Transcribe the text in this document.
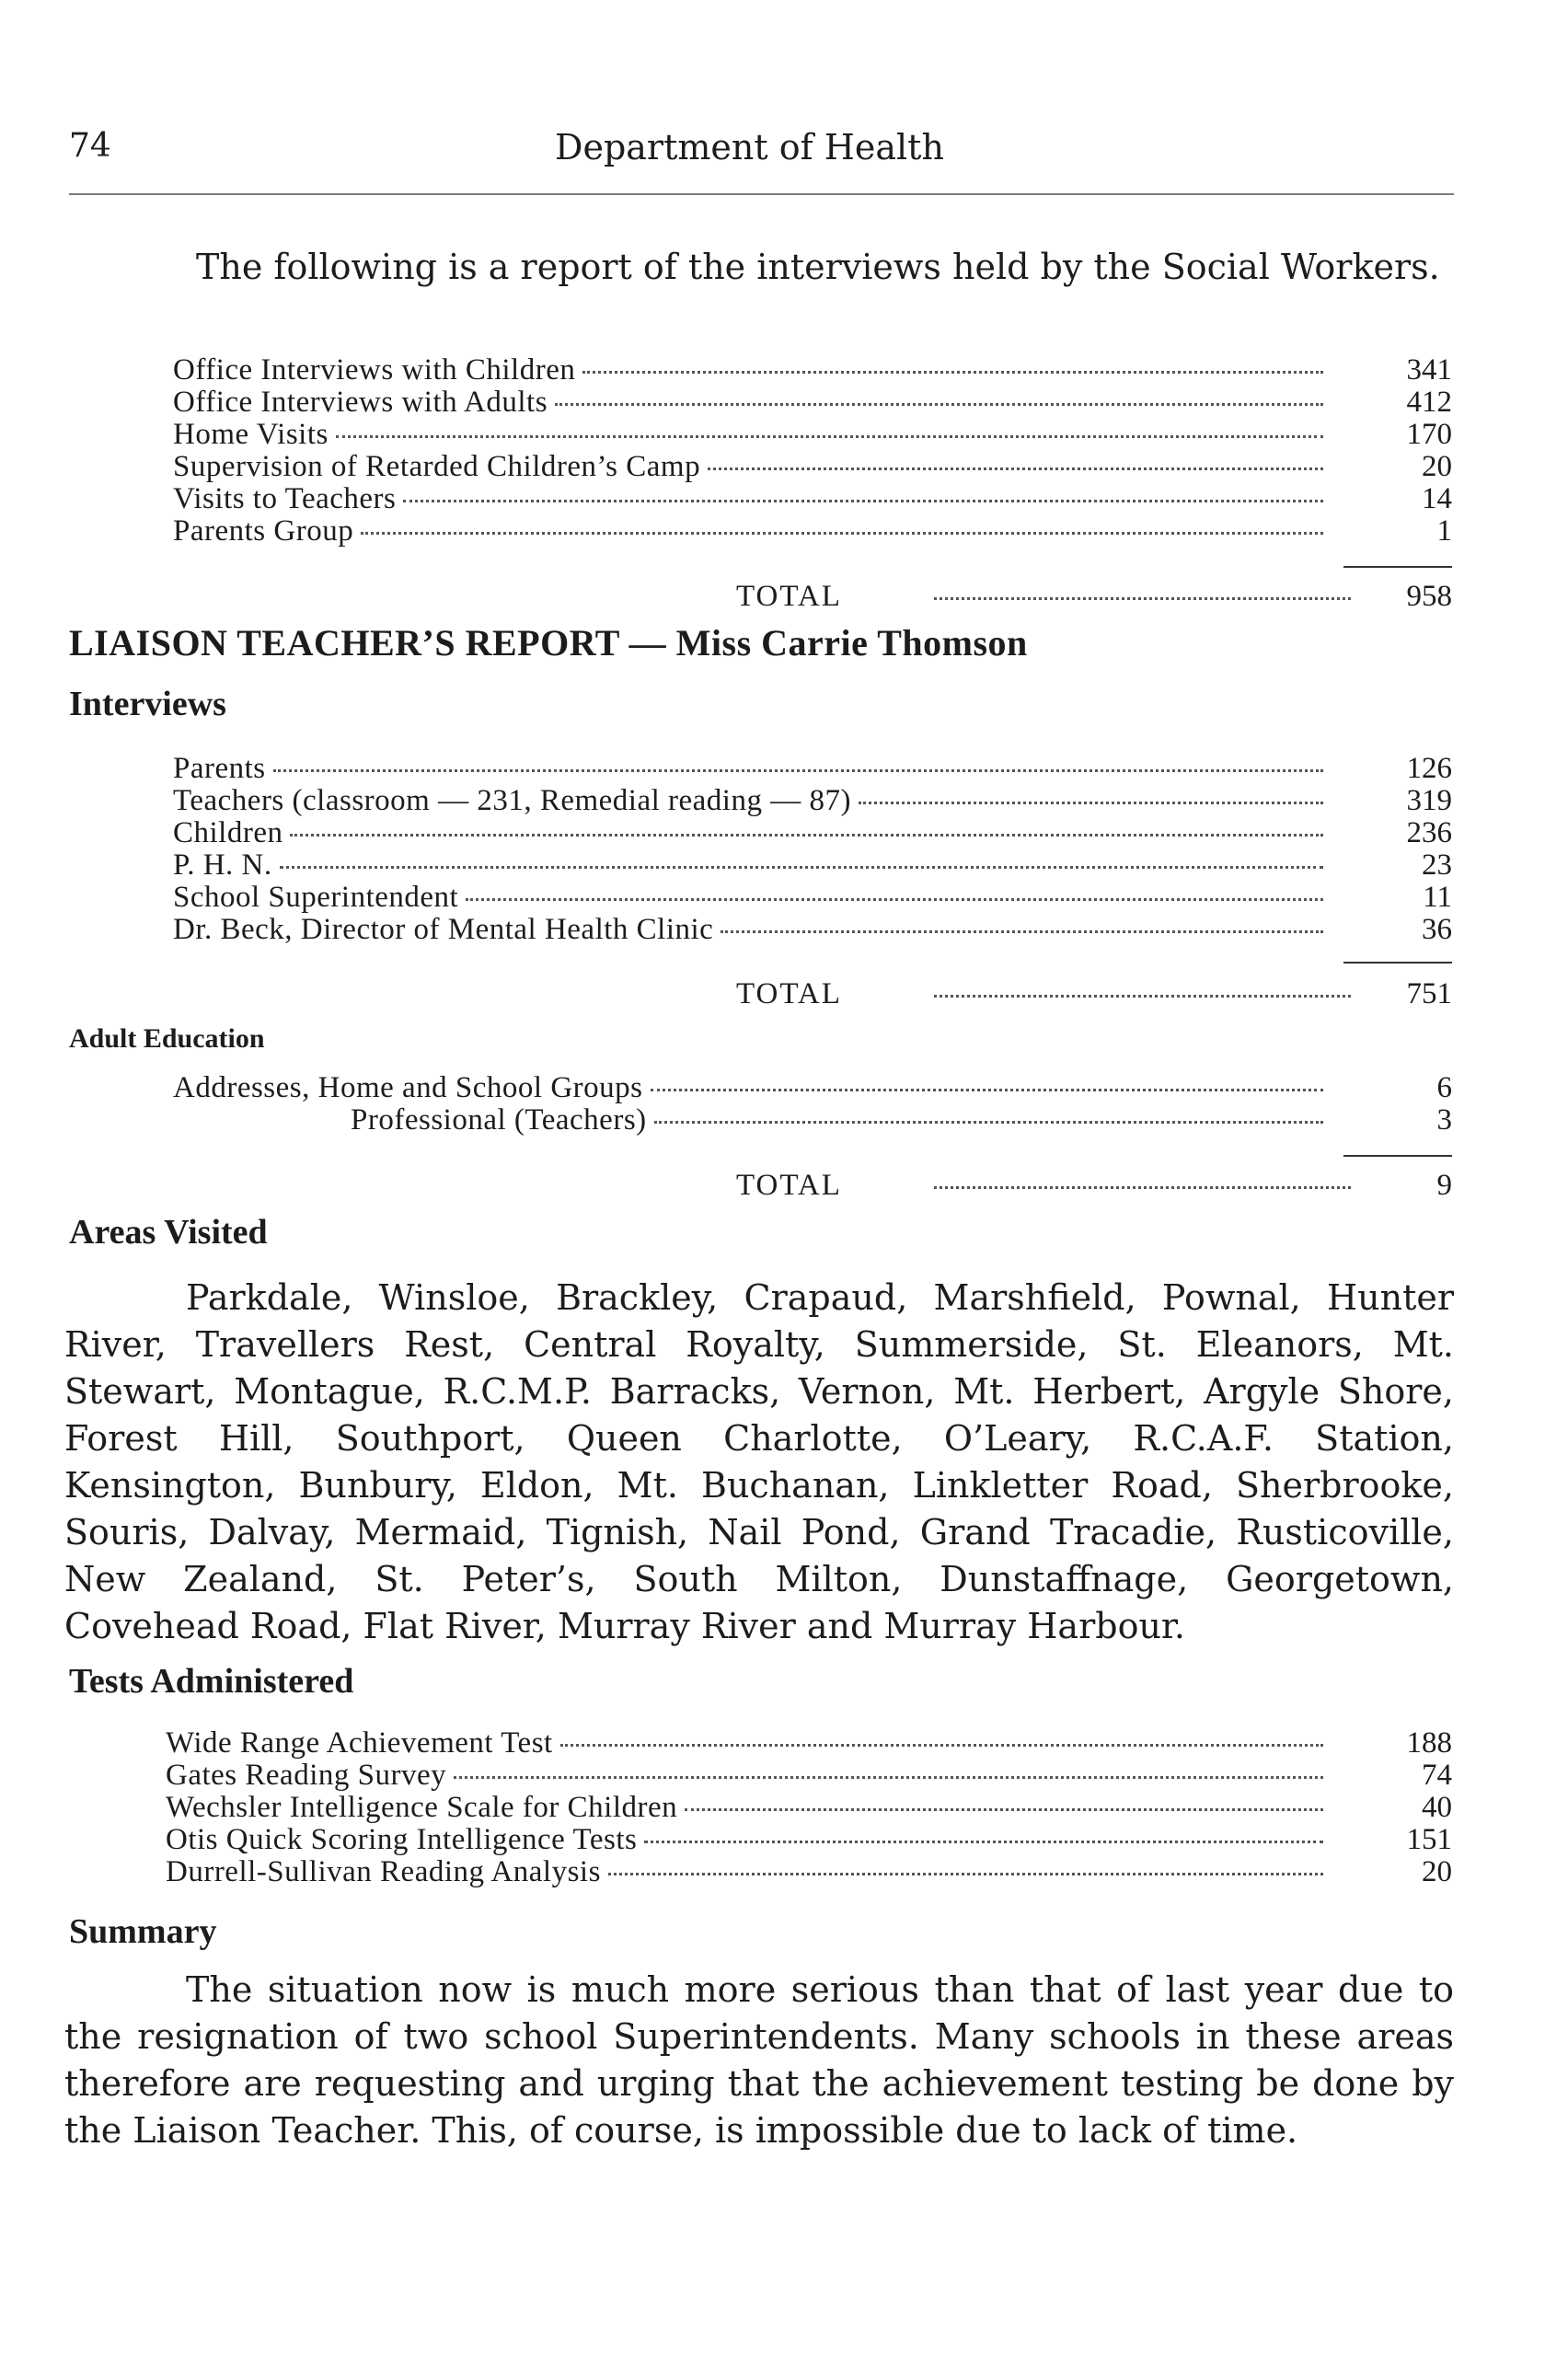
74	Department of Health
The following is a report of the interviews held by the Social Workers.
Office Interviews with Children	341
Office Interviews with Adults	412
Home Visits	170
Supervision of Retarded Children’s Camp	20
Visits to Teachers	14
Parents Group	1
TOTAL	958
LIAISON TEACHER’S REPORT — Miss Carrie Thomson
Interviews
Parents	126
Teachers (classroom — 231, Remedial reading — 87)	319
Children	236
P. H. N.	23
School Superintendent	11
Dr. Beck, Director of Mental Health Clinic	36
TOTAL	751
Adult Education
Addresses, Home and School Groups	6
Professional (Teachers)	3
TOTAL	9
Areas Visited
Parkdale, Winsloe, Brackley, Crapaud, Marshfield, Pownal, Hunter River, Travellers Rest, Central Royalty, Summerside, St. Eleanors, Mt. Stewart, Montague, R.C.M.P. Barracks, Vernon, Mt. Herbert, Argyle Shore, Forest Hill, Southport, Queen Charlotte, O’Leary, R.C.A.F. Station, Kensington, Bunbury, Eldon, Mt. Buchanan, Linkletter Road, Sherbrooke, Souris, Dalvay, Mermaid, Tignish, Nail Pond, Grand Tracadie, Rusticoville, New Zealand, St. Peter’s, South Milton, Dunstaffnage, Georgetown, Covehead Road, Flat River, Murray River and Murray Harbour.
Tests Administered
Wide Range Achievement Test	188
Gates Reading Survey	74
Wechsler Intelligence Scale for Children	40
Otis Quick Scoring Intelligence Tests	151
Durrell-Sullivan Reading Analysis	20
Summary
The situation now is much more serious than that of last year due to the resignation of two school Superintendents. Many schools in these areas therefore are requesting and urging that the achievement testing be done by the Liaison Teacher. This, of course, is impossible due to lack of time.
